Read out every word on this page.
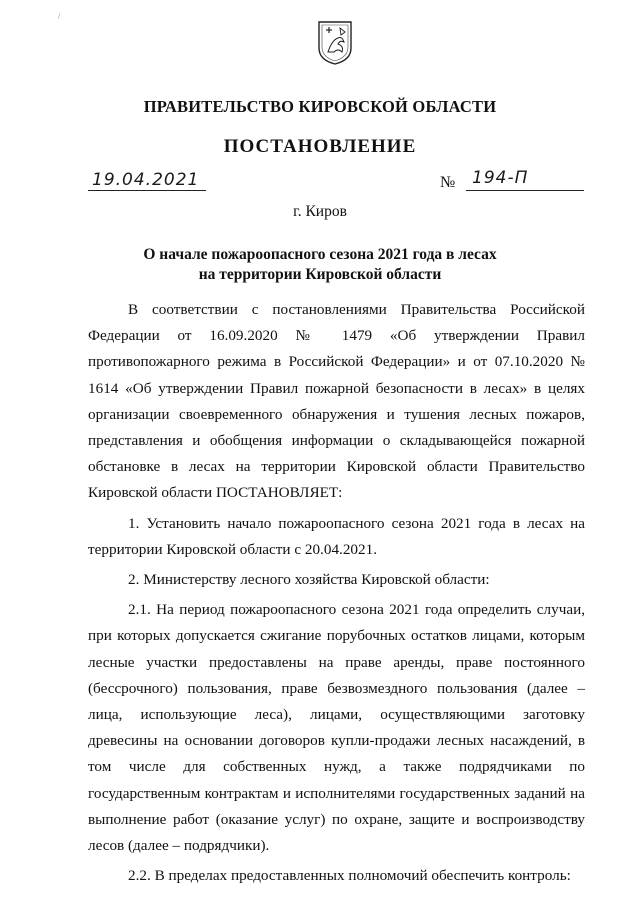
/
ПРАВИТЕЛЬСТВО КИРОВСКОЙ ОБЛАСТИ
ПОСТАНОВЛЕНИЕ
19.04.2021	№ 194-П
г. Киров
О начале пожароопасного сезона 2021 года в лесах
на территории Кировской области

В соответствии с постановлениями Правительства Российской Федерации от 16.09.2020 № 1479 «Об утверждении Правил противопожарного режима в Российской Федерации» и от 07.10.2020 № 1614 «Об утверждении Правил пожарной безопасности в лесах» в целях организации своевременного обнаружения и тушения лесных пожаров, представления и обобщения информации о складывающейся пожарной обстановке в лесах на территории Кировской области Правительство Кировской области ПОСТАНОВЛЯЕТ:

1. Установить начало пожароопасного сезона 2021 года в лесах на территории Кировской области с 20.04.2021.

2. Министерству лесного хозяйства Кировской области:

2.1. На период пожароопасного сезона 2021 года определить случаи, при которых допускается сжигание порубочных остатков лицами, которым лесные участки предоставлены на праве аренды, праве постоянного (бессрочного) пользования, праве безвозмездного пользования (далее – лица, использующие леса), лицами, осуществляющими заготовку древесины на основании договоров купли-продажи лесных насаждений, в том числе для собственных нужд, а также подрядчиками по государственным контрактам и исполнителями государственных заданий на выполнение работ (оказание услуг) по охране, защите и воспроизводству лесов (далее – подрядчики).

2.2. В пределах предоставленных полномочий обеспечить контроль:
